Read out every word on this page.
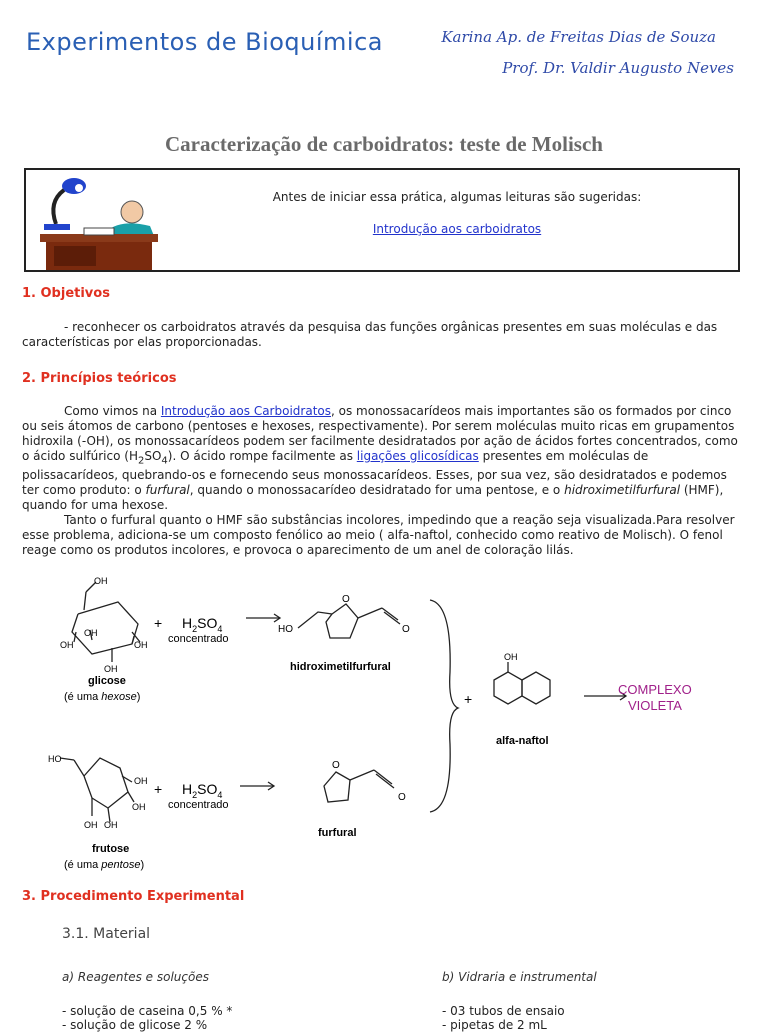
Experimentos de Bioquímica	Karina Ap. de Freitas Dias de Souza

Prof. Dr. Valdir Augusto Neves
Caracterização de carboidratos: teste de Molisch
Antes de iniciar essa prática, algumas leituras são sugeridas:
Introdução aos carboidratos
1. Objetivos
- reconhecer os carboidratos através da pesquisa das funções orgânicas presentes em suas moléculas e das características por elas proporcionadas.
2. Princípios teóricos
Como vimos na Introdução aos Carboidratos, os monossacarídeos mais importantes são os formados por cinco ou seis átomos de carbono (pentoses e hexoses, respectivamente). Por serem moléculas muito ricas em grupamentos hidroxila (-OH), os monossacarídeos podem ser facilmente desidratados por ação de ácidos fortes concentrados, como o ácido sulfúrico $(H_2SO_4)$. O ácido rompe facilmente as ligações glicosídicas presentes em moléculas de polissacarídeos, quebrando-os e fornecendo seus monossacarídeos. Esses, por sua vez, são desidratados e podemos ter como produto: o furfural, quando o monossacarídeo desidratado for uma pentose, e o hidroximetilfurfural (HMF), quando for uma hexose.
Tanto o furfural quanto o HMF são substâncias incolores, impedindo que a reação seja visualizada.Para resolver esse problema, adiciona-se um composto fenólico ao meio ( alfa-naftol, conhecido como reativo de Molisch). O fenol reage como os produtos incolores, e provoca o aparecimento de um anel de coloração lilás.
OH
OH
OH
OH
OH
+ $H_2SO_4$
concentrado
glicose
(é uma hexose)
HO
O
O
hidroximetilfurfural
+
OH
alfa-naftol
COMPLEXO
VIOLETA
HO
OH
OH
OH OH
+ $H_2SO_4$
concentrado
O
O
furfural
frutose
(é uma pentose)
3. Procedimento Experimental
3.1. Material
a) Reagentes e soluções	b) Vidraria e instrumental
- solução de caseina 0,5 % *
- solução de glicose 2 %
- 03 tubos de ensaio
- pipetas de 2 mL
